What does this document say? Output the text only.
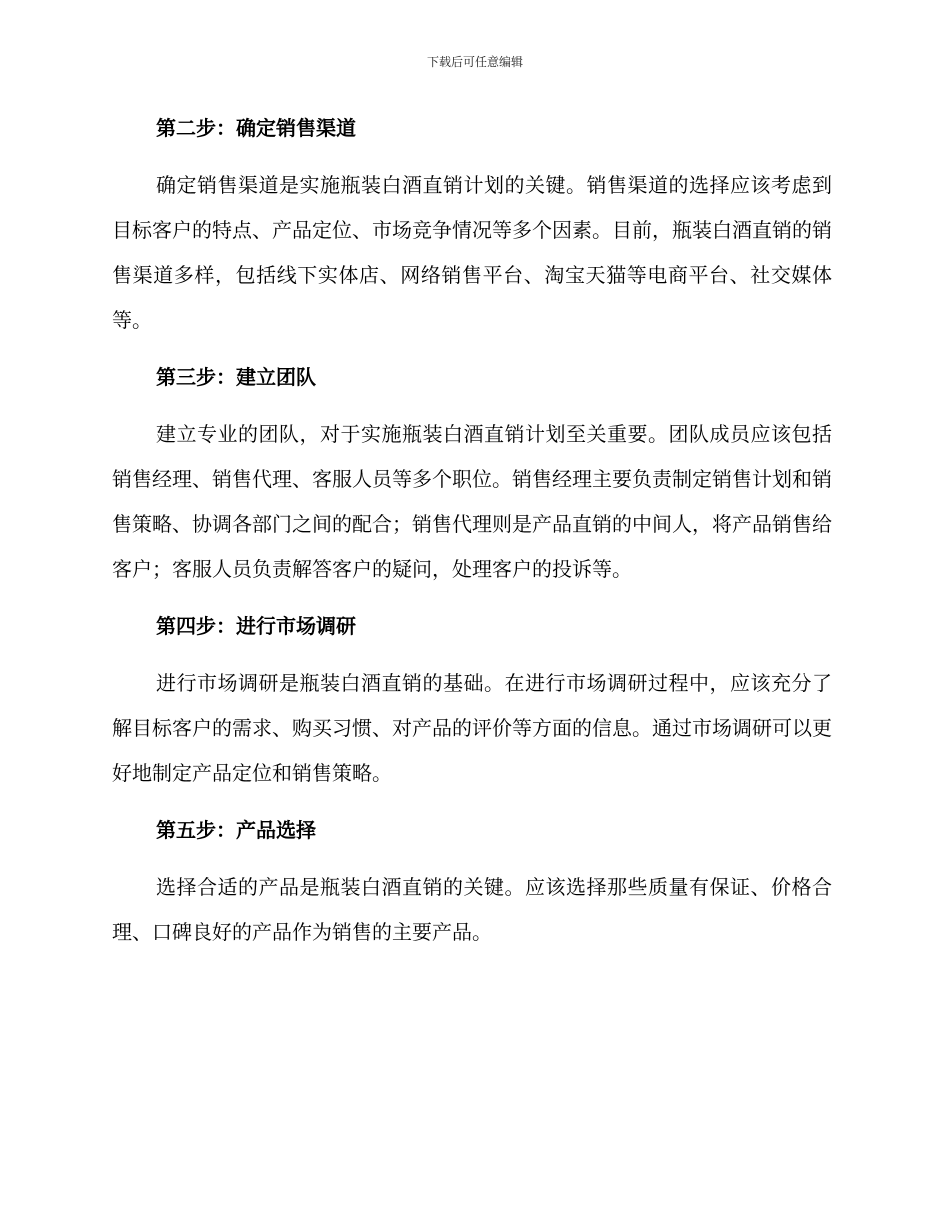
下载后可任意编辑
第二步：确定销售渠道
确定销售渠道是实施瓶装白酒直销计划的关键。销售渠道的选择应该考虑到目标客户的特点、产品定位、市场竞争情况等多个因素。目前，瓶装白酒直销的销售渠道多样，包括线下实体店、网络销售平台、淘宝天猫等电商平台、社交媒体等。
第三步：建立团队
建立专业的团队，对于实施瓶装白酒直销计划至关重要。团队成员应该包括销售经理、销售代理、客服人员等多个职位。销售经理主要负责制定销售计划和销售策略、协调各部门之间的配合；销售代理则是产品直销的中间人，将产品销售给客户；客服人员负责解答客户的疑问，处理客户的投诉等。
第四步：进行市场调研
进行市场调研是瓶装白酒直销的基础。在进行市场调研过程中，应该充分了解目标客户的需求、购买习惯、对产品的评价等方面的信息。通过市场调研可以更好地制定产品定位和销售策略。
第五步：产品选择
选择合适的产品是瓶装白酒直销的关键。应该选择那些质量有保证、价格合理、口碑良好的产品作为销售的主要产品。
